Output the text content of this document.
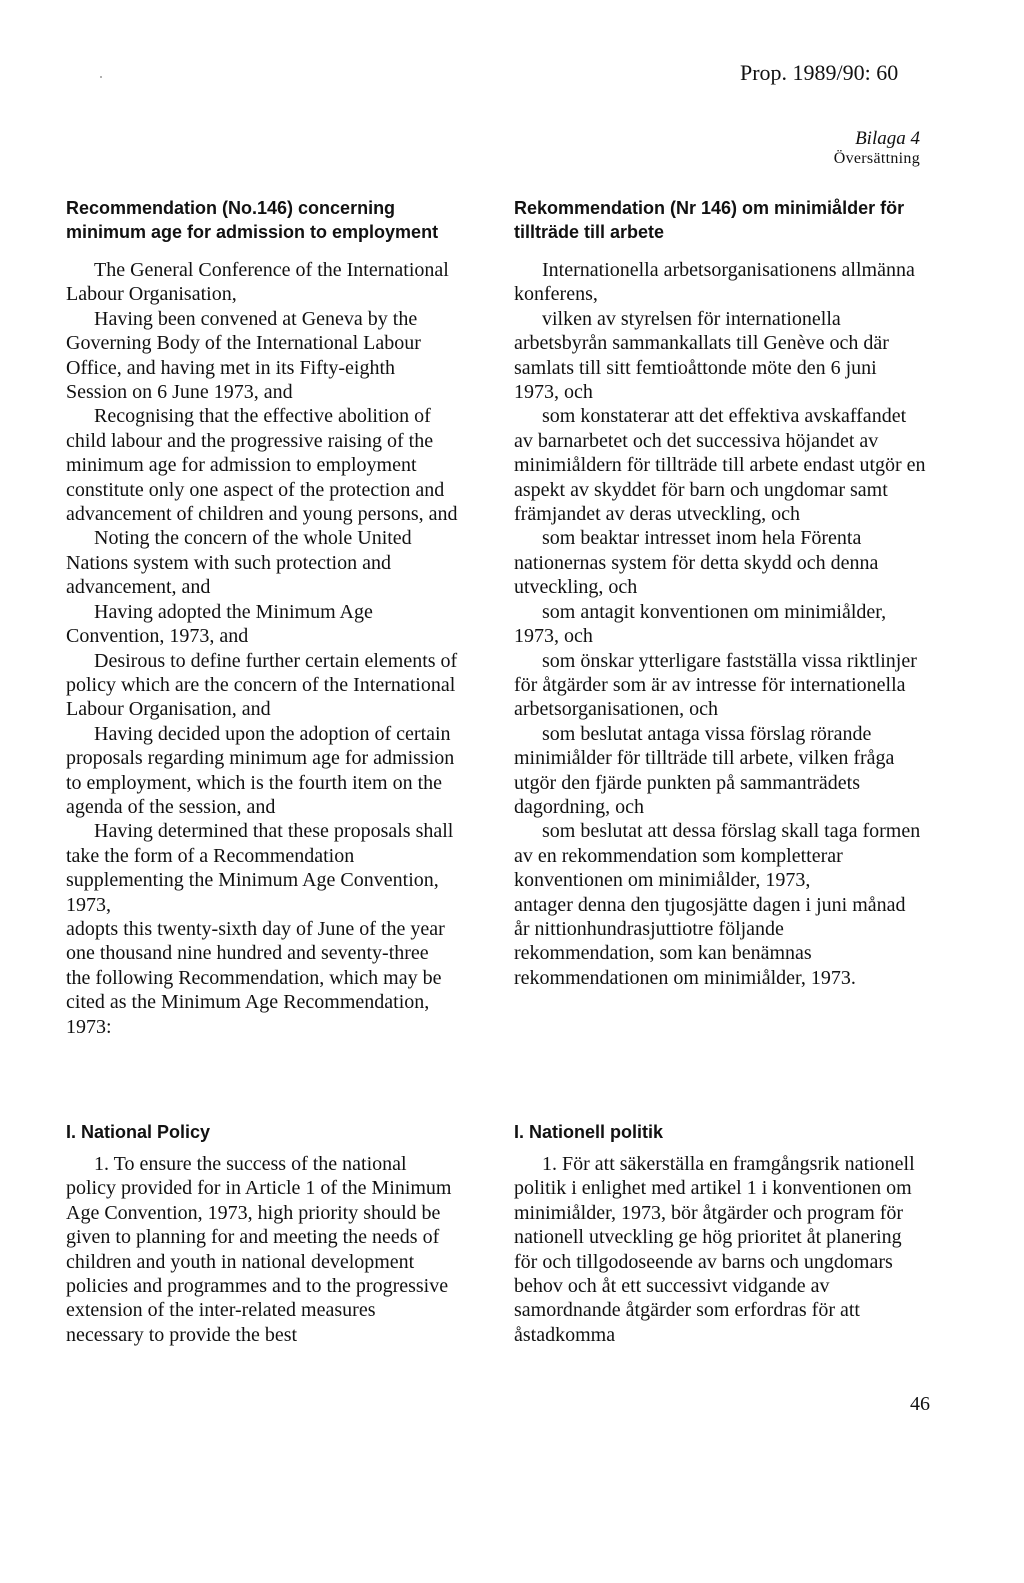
Prop. 1989/90: 60
Bilaga 4
Översättning
Recommendation (No.146) concerning minimum age for admission to employment

The General Conference of the International Labour Organisation,

Having been convened at Geneva by the Governing Body of the International Labour Office, and having met in its Fifty-eighth Session on 6 June 1973, and

Recognising that the effective abolition of child labour and the progressive raising of the minimum age for admission to employment constitute only one aspect of the protection and advancement of children and young persons, and

Noting the concern of the whole United Nations system with such protection and advancement, and

Having adopted the Minimum Age Convention, 1973, and

Desirous to define further certain elements of policy which are the concern of the International Labour Organisation, and

Having decided upon the adoption of certain proposals regarding minimum age for admission to employment, which is the fourth item on the agenda of the session, and

Having determined that these proposals shall take the form of a Recommendation supplementing the Minimum Age Convention, 1973,

adopts this twenty-sixth day of June of the year one thousand nine hundred and seventy-three the following Recommendation, which may be cited as the Minimum Age Recommendation, 1973:

Rekommendation (Nr 146) om minimiålder för tillträde till arbete

Internationella arbetsorganisationens allmänna konferens,

vilken av styrelsen för internationella arbetsbyrån sammankallats till Genève och där samlats till sitt femtioåttonde möte den 6 juni 1973, och

som konstaterar att det effektiva avskaffandet av barnarbetet och det successiva höjandet av minimiåldern för tillträde till arbete endast utgör en aspekt av skyddet för barn och ungdomar samt främjandet av deras utveckling, och

som beaktar intresset inom hela Förenta nationernas system för detta skydd och denna utveckling, och

som antagit konventionen om minimiålder, 1973, och

som önskar ytterligare fastställa vissa riktlinjer för åtgärder som är av intresse för internationella arbetsorganisationen, och

som beslutat antaga vissa förslag rörande minimiålder för tillträde till arbete, vilken fråga utgör den fjärde punkten på sammanträdets dagordning, och

som beslutat att dessa förslag skall taga formen av en rekommendation som kompletterar konventionen om minimiålder, 1973,

antager denna den tjugosjätte dagen i juni månad år nittionhundrasjuttiotre följande rekommendation, som kan benämnas rekommendationen om minimiålder, 1973.

I. National Policy

1. To ensure the success of the national policy provided for in Article 1 of the Minimum Age Convention, 1973, high priority should be given to planning for and meeting the needs of children and youth in national development policies and programmes and to the progressive extension of the inter-related measures necessary to provide the best

I. Nationell politik

1. För att säkerställa en framgångsrik nationell politik i enlighet med artikel 1 i konventionen om minimiålder, 1973, bör åtgärder och program för nationell utveckling ge hög prioritet åt planering för och tillgodoseende av barns och ungdomars behov och åt ett successivt vidgande av samordnande åtgärder som erfordras för att åstadkomma

46
